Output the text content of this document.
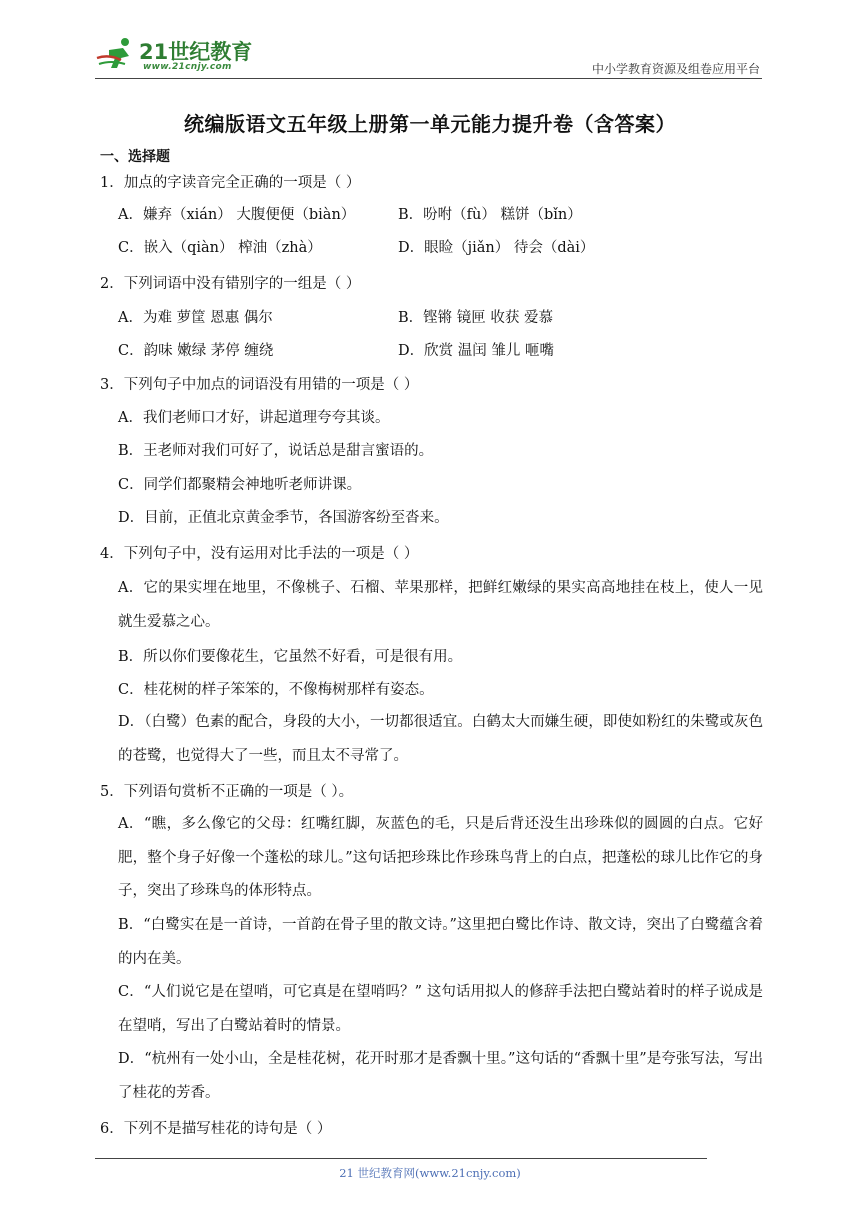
21世纪教育
www.21cnjy.com	中小学教育资源及组卷应用平台
统编版语文五年级上册第一单元能力提升卷（含答案）
一、选择题
1．加点的字读音完全正确的一项是（ ）
A．嫌弃（xián） 大腹便便（biàn）	B．吩咐（fù） 糕饼（bǐn）
C．嵌入（qiàn） 榨油（zhà）	D．眼睑（jiǎn） 待会（dài）
2．下列词语中没有错别字的一组是（ ）
A．为难 萝筐 恩惠 偶尔	B．铿锵 镜匣 收获 爱慕
C．韵味 嫩绿 茅停 缠绕	D．欣赏 温闰 雏儿 咂嘴
3．下列句子中加点的词语没有用错的一项是（ ）
A．我们老师口才好，讲起道理夸夸其谈。
B．王老师对我们可好了，说话总是甜言蜜语的。
C．同学们都聚精会神地听老师讲课。
D．目前，正值北京黄金季节，各国游客纷至沓来。
4．下列句子中，没有运用对比手法的一项是（ ）
A．它的果实埋在地里，不像桃子、石榴、苹果那样，把鲜红嫩绿的果实高高地挂在枝上，使人一见就生爱慕之心。
B．所以你们要像花生，它虽然不好看，可是很有用。
C．桂花树的样子笨笨的，不像梅树那样有姿态。
D．（白鹭）色素的配合，身段的大小，一切都很适宜。白鹤太大而嫌生硬，即使如粉红的朱鹭或灰色的苍鹭，也觉得大了一些，而且太不寻常了。
5．下列语句赏析不正确的一项是（ ）。
A．“瞧，多么像它的父母：红嘴红脚，灰蓝色的毛，只是后背还没生出珍珠似的圆圆的白点。它好肥，整个身子好像一个蓬松的球儿。”这句话把珍珠比作珍珠鸟背上的白点，把蓬松的球儿比作它的身子，突出了珍珠鸟的体形特点。
B．“白鹭实在是一首诗，一首韵在骨子里的散文诗。”这里把白鹭比作诗、散文诗，突出了白鹭蕴含着的内在美。
C．“人们说它是在望哨，可它真是在望哨吗？” 这句话用拟人的修辞手法把白鹭站着时的样子说成是在望哨，写出了白鹭站着时的情景。
D．“杭州有一处小山，全是桂花树，花开时那才是香飘十里。”这句话的“香飘十里”是夸张写法，写出了桂花的芳香。
6．下列不是描写桂花的诗句是（ ）
21 世纪教育网(www.21cnjy.com)
